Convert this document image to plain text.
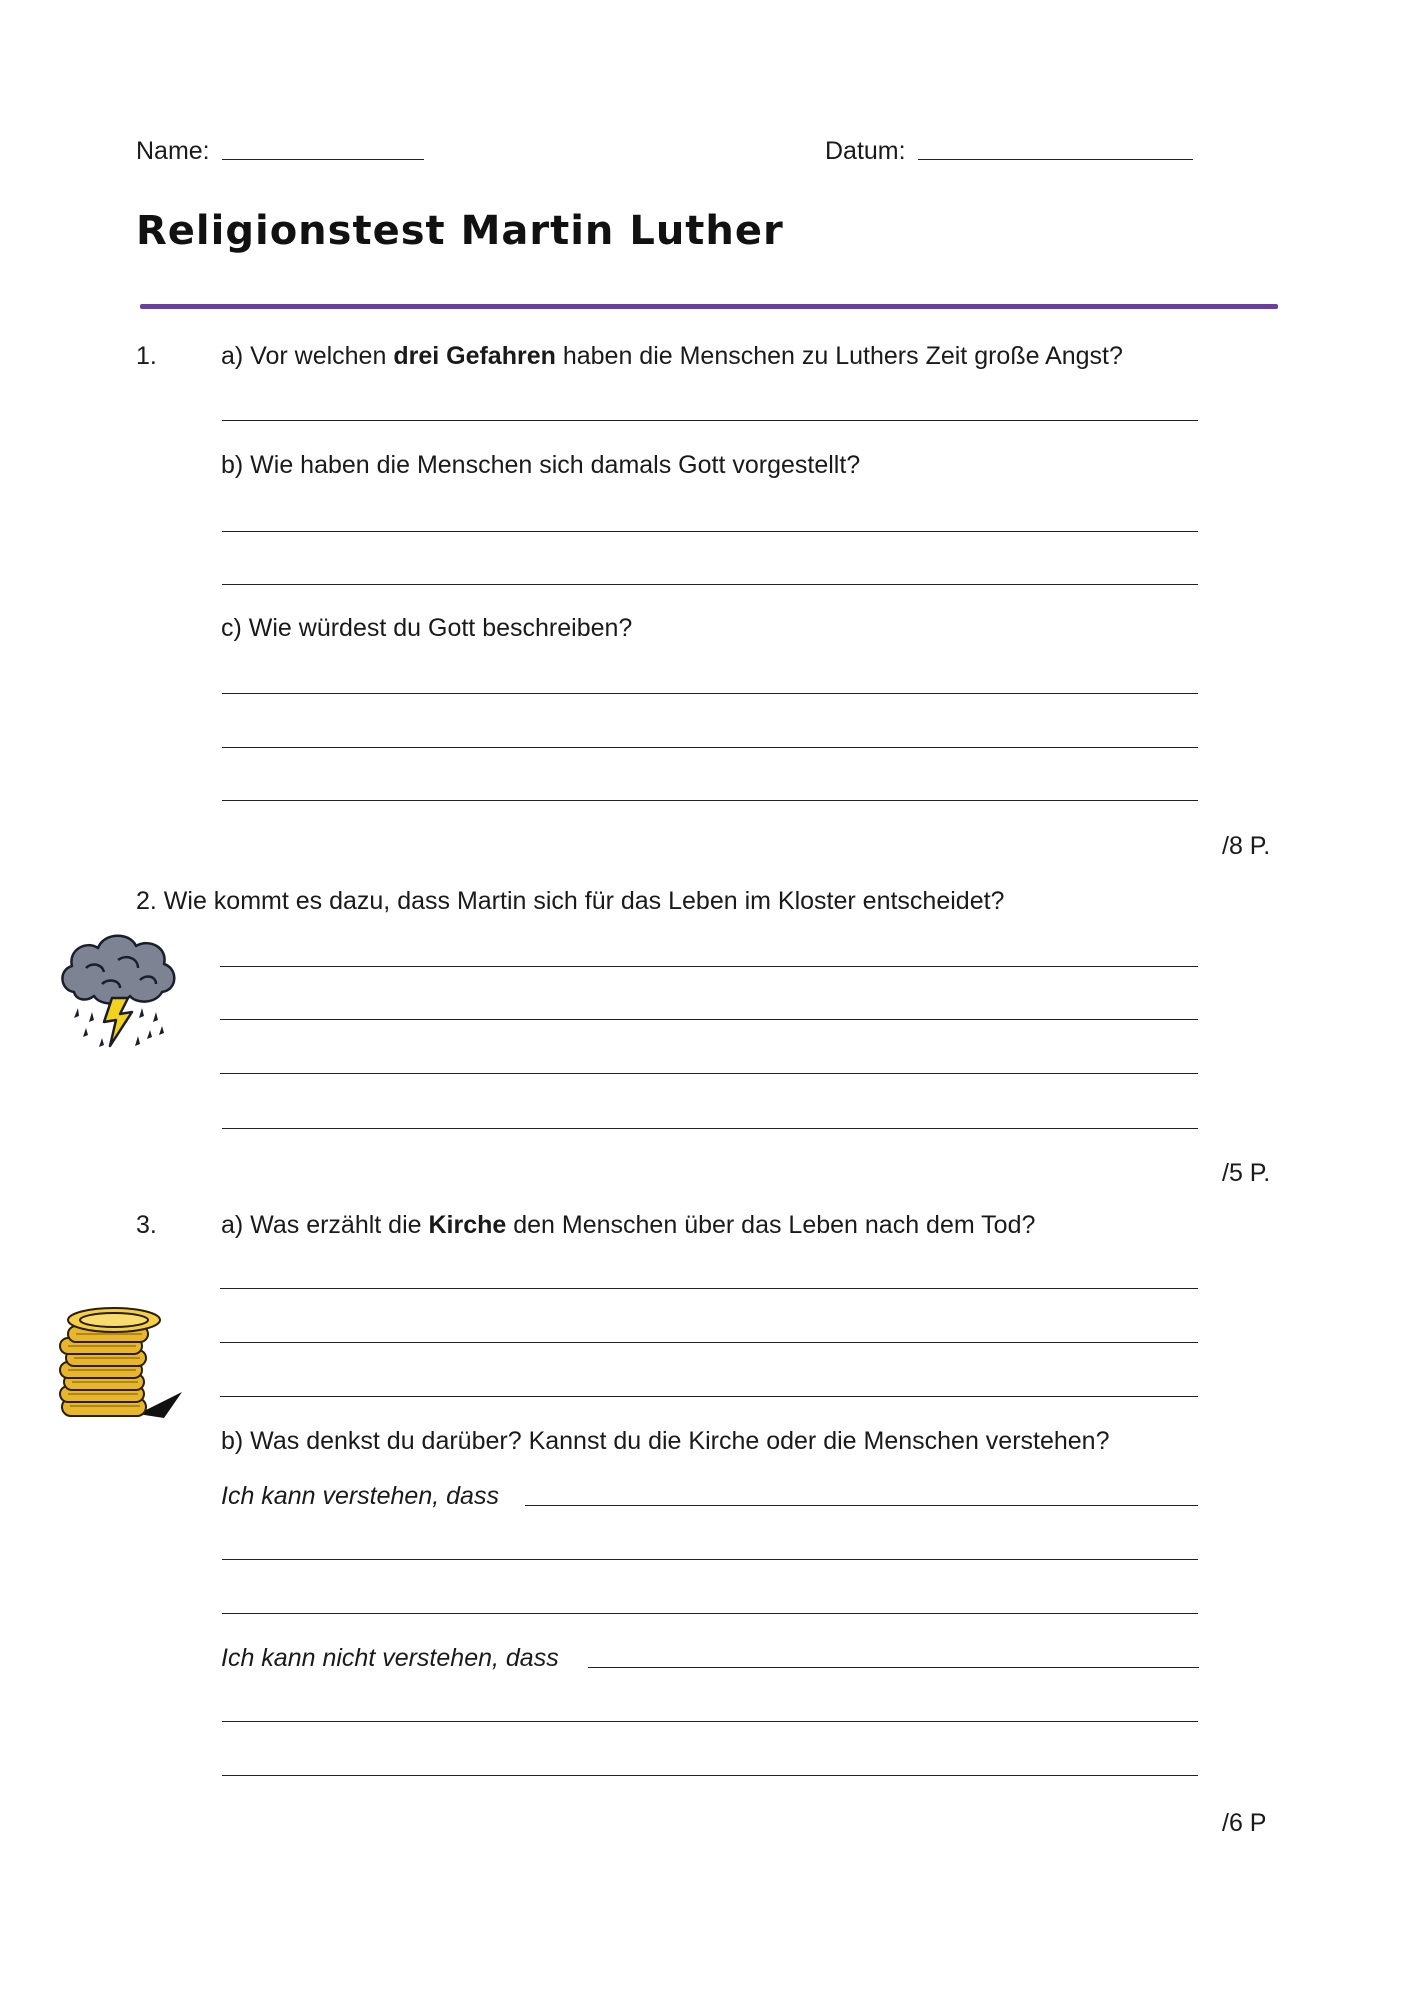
Name:	Datum:
Religionstest Martin Luther
1.	a) Vor welchen drei Gefahren haben die Menschen zu Luthers Zeit große Angst?
b) Wie haben die Menschen sich damals Gott vorgestellt?
c) Wie würdest du Gott beschreiben?
/8 P.
2. Wie kommt es dazu, dass Martin sich für das Leben im Kloster entscheidet?
/5 P.
3.	a) Was erzählt die Kirche den Menschen über das Leben nach dem Tod?
b) Was denkst du darüber? Kannst du die Kirche oder die Menschen verstehen?
Ich kann verstehen, dass
Ich kann nicht verstehen, dass
/6 P
